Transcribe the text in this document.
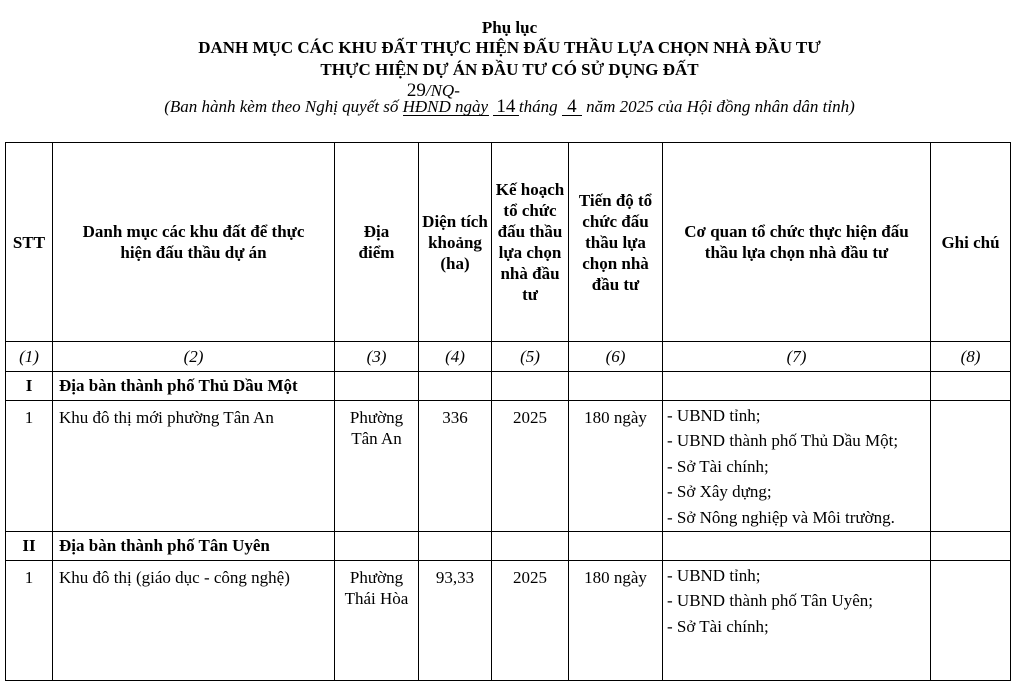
Phụ lục
DANH MỤC CÁC KHU ĐẤT THỰC HIỆN ĐẤU THẦU LỰA CHỌN NHÀ ĐẦU TƯ
THỰC HIỆN DỰ ÁN ĐẦU TƯ CÓ SỬ DỤNG ĐẤT
(Ban hành kèm theo Nghị quyết số  29/NQ-HĐND ngày 14 tháng 4 năm 2025 của Hội đồng nhân dân tỉnh)
STT	Danh mục các khu đất để thực hiện đấu thầu dự án	Địa điểm	Diện tích khoảng (ha)	Kế hoạch tổ chức đấu thầu lựa chọn nhà đầu tư	Tiến độ tổ chức đấu thầu lựa chọn nhà đầu tư	Cơ quan tổ chức thực hiện đấu thầu lựa chọn nhà đầu tư	Ghi chú
(1)	(2)	(3)	(4)	(5)	(6)	(7)	(8)
I	Địa bàn thành phố Thủ Dầu Một						
1	Khu đô thị mới phường Tân An	Phường Tân An	336	2025	180 ngày	- UBND tỉnh;
- UBND thành phố Thủ Dầu Một;
- Sở Tài chính;
- Sở Xây dựng;
- Sở Nông nghiệp và Môi trường.	

II	Địa bàn thành phố Tân Uyên						
1	Khu đô thị (giáo dục - công nghệ)	Phường Thái Hòa	93,33	2025	180 ngày	- UBND tỉnh;
- UBND thành phố Tân Uyên;
- Sở Tài chính;	
